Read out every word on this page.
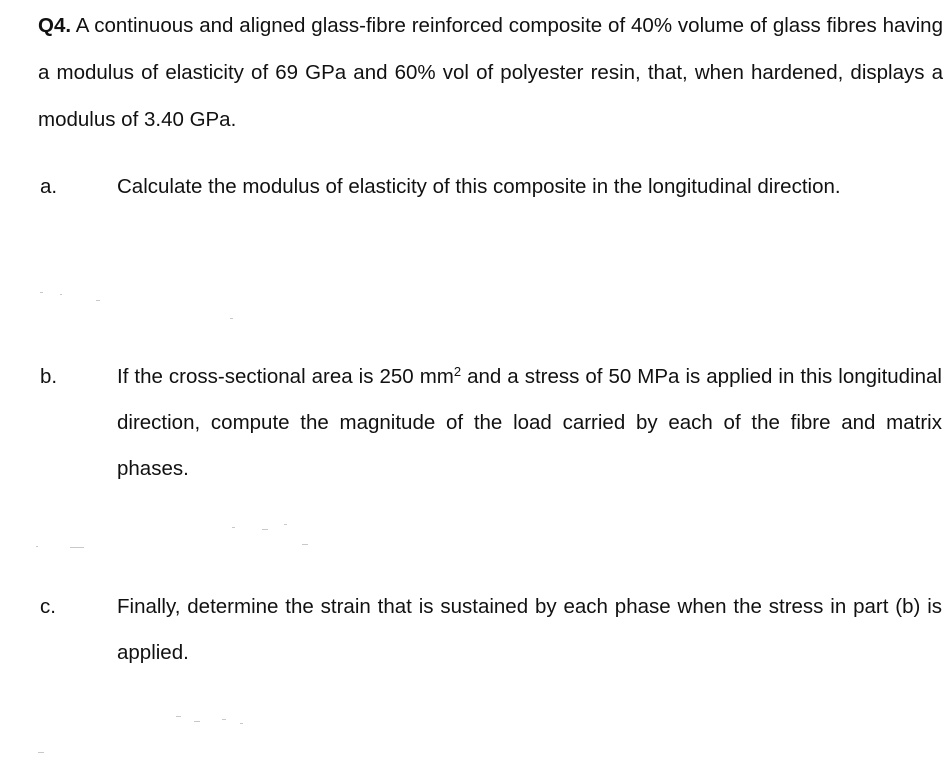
Q4. A continuous and aligned glass-fibre reinforced composite of 40% volume of glass fibres having a modulus of elasticity of 69 GPa and 60% vol of polyester resin, that, when hardened, displays a modulus of 3.40 GPa.
a.	Calculate the modulus of elasticity of this composite in the longitudinal direction.
b.	If the cross-sectional area is 250 $mm^2$ and a stress of 50 MPa is applied in this longitudinal direction, compute the magnitude of the load carried by each of the fibre and matrix phases.
c.	Finally, determine the strain that is sustained by each phase when the stress in part (b) is applied.
